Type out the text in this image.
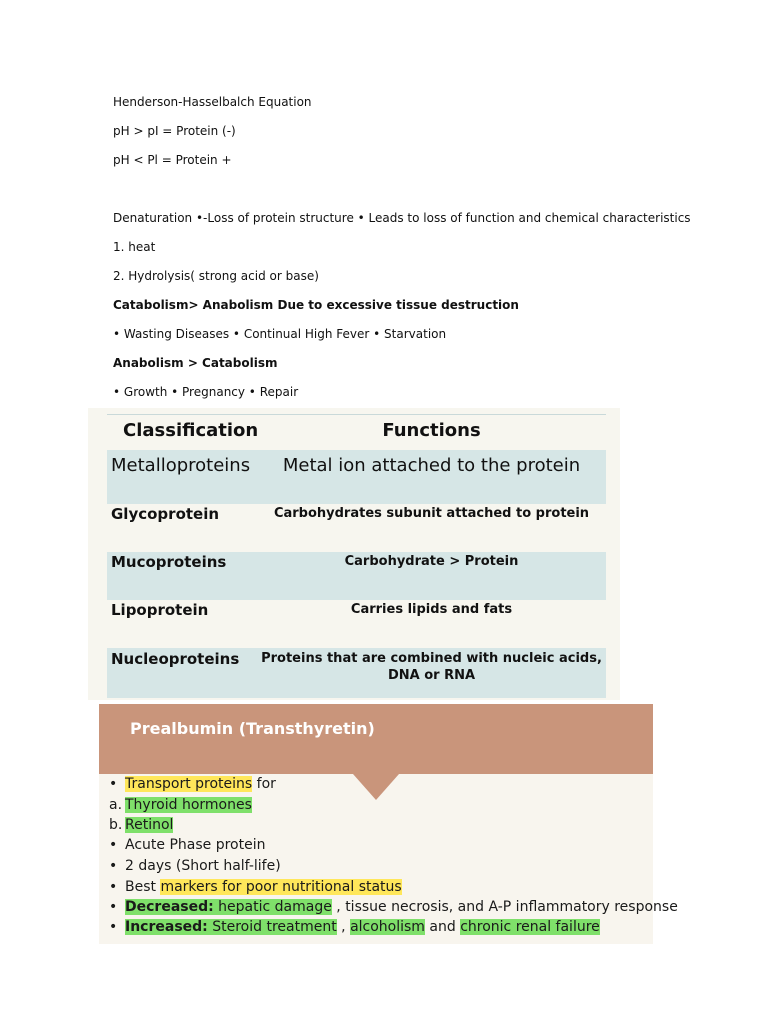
Henderson-Hasselbalch Equation
pH > pI = Protein (-)
pH < Pl = Protein +
Denaturation •-Loss of protein structure • Leads to loss of function and chemical characteristics
1. heat
2. Hydrolysis( strong acid or base)
Catabolism> Anabolism Due to excessive tissue destruction
• Wasting Diseases • Continual High Fever • Starvation
Anabolism > Catabolism
• Growth • Pregnancy • Repair
Classification	Functions
Metalloproteins	Metal ion attached to the protein
Glycoprotein	Carbohydrates subunit attached to protein
Mucoproteins	Carbohydrate > Protein
Lipoprotein	Carries lipids and fats
Nucleoproteins	Proteins that are combined with nucleic acids, DNA or RNA
Prealbumin (Transthyretin)
• Transport proteins for
a. Thyroid hormones
b. Retinol
• Acute Phase protein
• 2 days (Short half-life)
• Best markers for poor nutritional status
• Decreased: hepatic damage , tissue necrosis, and A-P inflammatory response
• Increased: Steroid treatment , alcoholism and chronic renal failure
